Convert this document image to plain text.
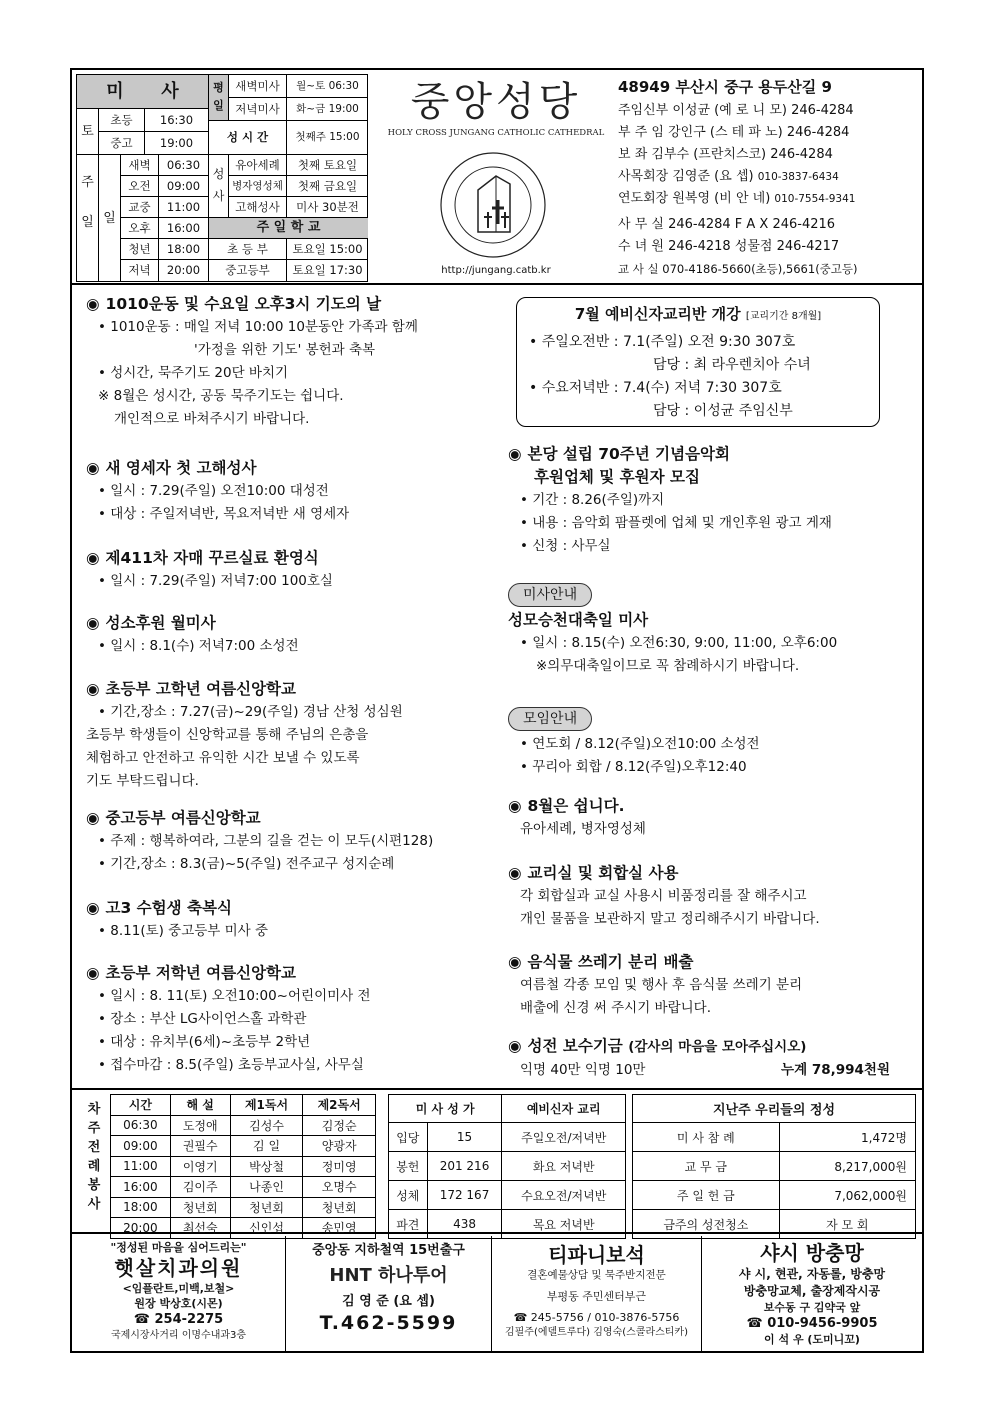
미 사
토
초등	16:30
중고	19:00
주
일 일
새벽	06:30
오전	09:00
교중	11:00
오후	16:00
청년	18:00
저녁	20:00
평일
새벽미사	월~토 06:30
저녁미사	화~금 19:00
성 시 간	첫째주 15:00
성사
유아세례	첫째 토요일
병자영성체	첫째 금요일
고해성사	미사 30분전
주 일 학 교
초 등 부	토요일 15:00
중고등부	토요일 17:30
중앙성당
HOLY CROSS JUNGANG CATHOLIC CATHEDRAL
http://jungang.catb.kr
48949 부산시 중구 용두산길 9
주임신부 이성균 (예 로 니 모) 246-4284
부 주 임 강인구 (스 테 파 노) 246-4284
보 좌 김부수 (프란치스코) 246-4284
사목회장 김영준 (요 셉) 010-3837-6434
연도회장 원복영 (비 안 네) 010-7554-9341
사 무 실 246-4284 F A X 246-4216
수 녀 원 246-4218 성물점 246-4217
교 사 실 070-4186-5660(초등),5661(중고등)
◉ 1010운동 및 수요일 오후3시 기도의 날
• 1010운동 : 매일 저녁 10:00 10분동안 가족과 함께
'가정을 위한 기도' 봉헌과 축복
• 성시간, 묵주기도 20단 바치기
※ 8월은 성시간, 공동 묵주기도는 쉽니다.
개인적으로 바쳐주시기 바랍니다.
◉ 새 영세자 첫 고해성사
• 일시 : 7.29(주일) 오전10:00 대성전
• 대상 : 주일저녁반, 목요저녁반 새 영세자
◉ 제411차 자매 꾸르실료 환영식
• 일시 : 7.29(주일) 저녁7:00 100호실
◉ 성소후원 월미사
• 일시 : 8.1(수) 저녁7:00 소성전
◉ 초등부 고학년 여름신앙학교
• 기간,장소 : 7.27(금)~29(주일) 경남 산청 성심원
초등부 학생들이 신앙학교를 통해 주님의 은총을
체험하고 안전하고 유익한 시간 보낼 수 있도록
기도 부탁드립니다.
◉ 중고등부 여름신앙학교
• 주제 : 행복하여라, 그분의 길을 걷는 이 모두(시편128)
• 기간,장소 : 8.3(금)~5(주일) 전주교구 성지순례
◉ 고3 수험생 축복식
• 8.11(토) 중고등부 미사 중
◉ 초등부 저학년 여름신앙학교
• 일시 : 8. 11(토) 오전10:00~어린이미사 전
• 장소 : 부산 LG사이언스홀 과학관
• 대상 : 유치부(6세)~초등부 2학년
• 접수마감 : 8.5(주일) 초등부교사실, 사무실
7월 예비신자교리반 개강 [교리기간 8개월]
• 주일오전반 : 7.1(주일) 오전 9:30 307호
담당 : 최 라우렌치아 수녀
• 수요저녁반 : 7.4(수) 저녁 7:30 307호
담당 : 이성균 주임신부
◉ 본당 설립 70주년 기념음악회
후원업체 및 후원자 모집
• 기간 : 8.26(주일)까지
• 내용 : 음악회 팜플렛에 업체 및 개인후원 광고 게재
• 신청 : 사무실
미사안내
성모승천대축일 미사
• 일시 : 8.15(수) 오전6:30, 9:00, 11:00, 오후6:00
※의무대축일이므로 꼭 참례하시기 바랍니다.
모임안내
• 연도회 / 8.12(주일)오전10:00 소성전
• 꾸리아 회합 / 8.12(주일)오후12:40
◉ 8월은 쉽니다.
유아세례, 병자영성체
◉ 교리실 및 회합실 사용
각 회합실과 교실 사용시 비품정리를 잘 해주시고
개인 물품을 보관하지 말고 정리해주시기 바랍니다.
◉ 음식물 쓰레기 분리 배출
여름철 각종 모임 및 행사 후 음식물 쓰레기 분리
배출에 신경 써 주시기 바랍니다.
◉ 성전 보수기금 (감사의 마음을 모아주십시오)
익명 40만 익명 10만	누계 78,994천원
차주전례봉사
시간	해 설	제1독서	제2독서
06:30	도정애	김성수	김정순
09:00	권필수	김 일	양광자
11:00	이영기	박상철	정미영
16:00	김이주	나종인	오명수
18:00	청년회	청년회	청년회
20:00	최선숙	신인섭	송민영
미 사 성 가		예비신자 교리
입당	15	주일오전/저녁반
봉헌	201 216	화요 저녁반
성체	172 167	수요오전/저녁반
파견	438	목요 저녁반
지난주 우리들의 정성	
미 사 참 례	1,472명
교 무 금	8,217,000원
주 일 헌 금	7,062,000원
금주의 성전청소	자 모 회

"정성된 마음을 심어드리는"

햇살치과의원

<임플란트,미백,보철>

원장 박상호(시몬)

☎ 254-2275

국제시장사거리 이명수내과3층

중앙동 지하철역 15번출구

HNT 하나투어

김 영 준 (요 셉)

T.462-5599

티파니보석

결혼예물상담 및 묵주반지전문

부평동 주민센터부근

☎ 245-5756 / 010-3876-5756

김필주(에델트루다) 김영숙(스콜라스티카)

샤시 방충망

샤 시, 현관, 자동롤, 방충망

방충망교체, 출장제작시공

보수동 구 김약국 앞

☎ 010-9456-9905

이 석 우 (도미니꼬)
